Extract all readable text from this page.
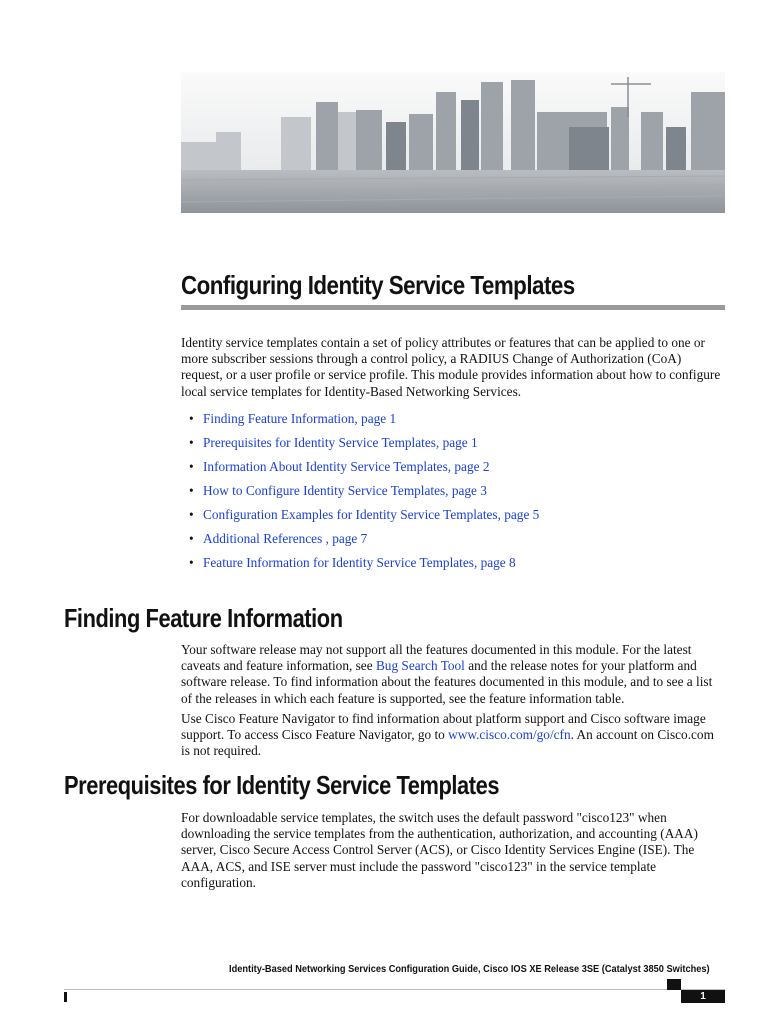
Configuring Identity Service Templates

Identity service templates contain a set of policy attributes or features that can be applied to one or more subscriber sessions through a control policy, a RADIUS Change of Authorization (CoA) request, or a user profile or service profile. This module provides information about how to configure local service templates for Identity-Based Networking Services.

• Finding Feature Information, page 1
• Prerequisites for Identity Service Templates, page 1
• Information About Identity Service Templates, page 2
• How to Configure Identity Service Templates, page 3
• Configuration Examples for Identity Service Templates, page 5
• Additional References , page 7
• Feature Information for Identity Service Templates, page 8
Finding Feature Information

Your software release may not support all the features documented in this module. For the latest caveats and feature information, see Bug Search Tool and the release notes for your platform and software release. To find information about the features documented in this module, and to see a list of the releases in which each feature is supported, see the feature information table.

Use Cisco Feature Navigator to find information about platform support and Cisco software image support. To access Cisco Feature Navigator, go to www.cisco.com/go/cfn. An account on Cisco.com is not required.

Prerequisites for Identity Service Templates

For downloadable service templates, the switch uses the default password "cisco123" when downloading the service templates from the authentication, authorization, and accounting (AAA) server, Cisco Secure Access Control Server (ACS), or Cisco Identity Services Engine (ISE). The AAA, ACS, and ISE server must include the password "cisco123" in the service template configuration.

Identity-Based Networking Services Configuration Guide, Cisco IOS XE Release 3SE (Catalyst 3850 Switches)
1
